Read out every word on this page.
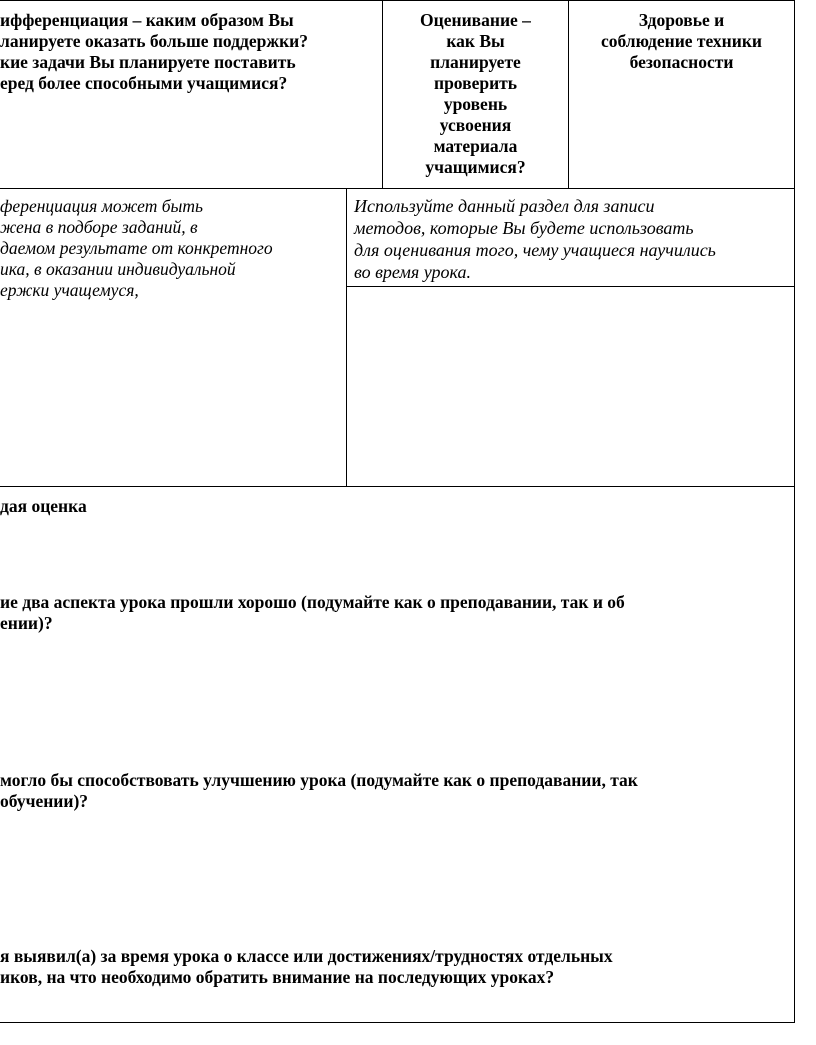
ифференциация – каким образом Вы
ланируете оказать больше поддержки?
кие задачи Вы планируете поставить
еред более способными учащимися?
Оценивание –
как Вы
планируете
проверить
уровень
усвоения
материала
учащимися?
Здоровье и
соблюдение техники
безопасности
ференциация может быть
жена в подборе заданий, в
даемом результате от конкретного
ика, в оказании индивидуальной
ержки учащемуся,
Используйте данный раздел для записи
методов, которые Вы будете использовать
для оценивания того, чему учащиеся научились
во время урока.
дая оценка
ие два аспекта урока прошли хорошо (подумайте как о преподавании, так и об
ении)?
могло бы способствовать улучшению урока (подумайте как о преподавании, так
обучении)?
я выявил(а) за время урока о классе или достижениях/трудностях отдельных
иков, на что необходимо обратить внимание на последующих уроках?
